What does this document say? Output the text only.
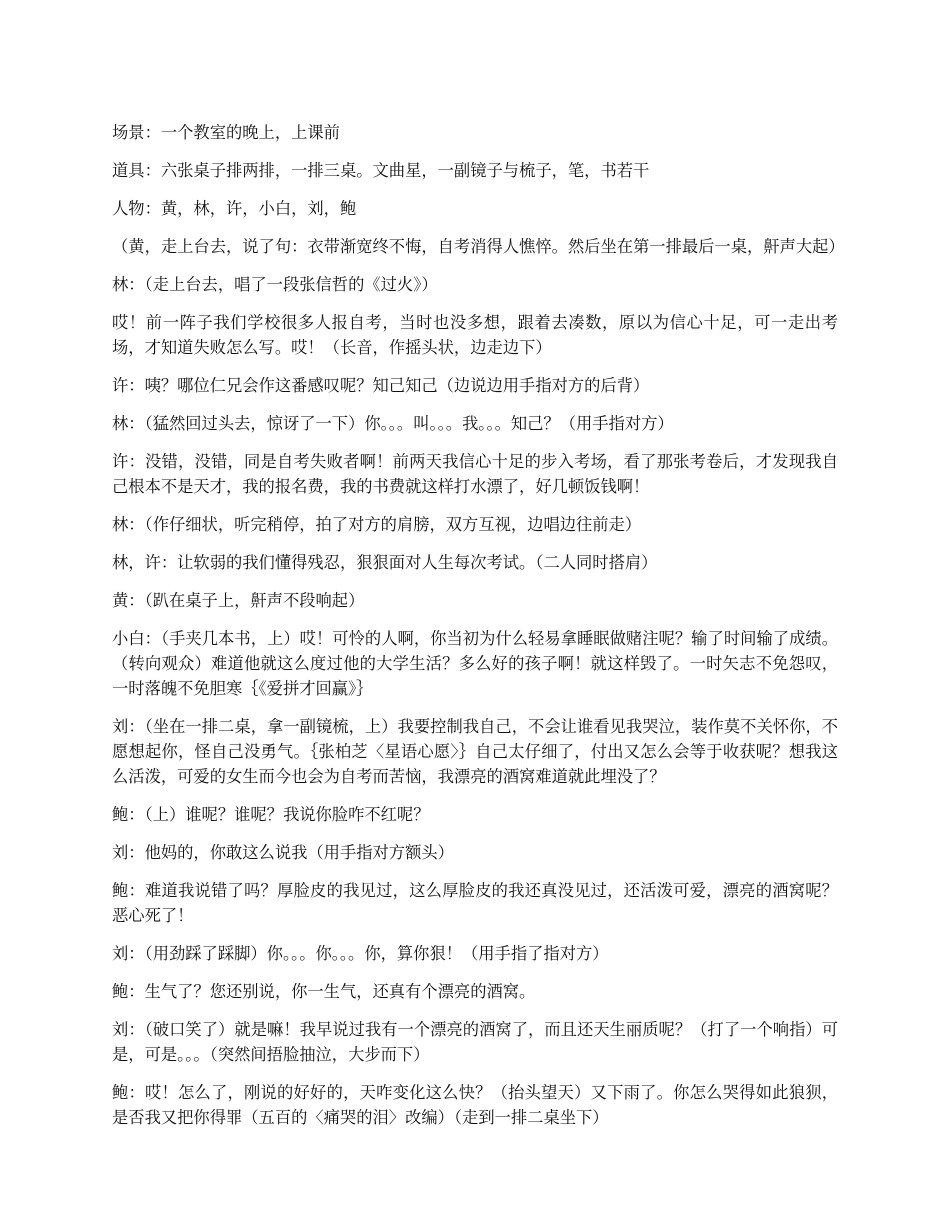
场景：一个教室的晚上，上课前

道具：六张桌子排两排，一排三桌。文曲星，一副镜子与梳子，笔，书若干

人物：黄，林，许，小白，刘，鲍

（黄，走上台去，说了句：衣带渐宽终不悔，自考消得人憔悴。然后坐在第一排最后一桌，鼾声大起）

林：（走上台去，唱了一段张信哲的《过火》）

哎！前一阵子我们学校很多人报自考，当时也没多想，跟着去凑数，原以为信心十足，可一走出考场，才知道失败怎么写。哎！（长音，作摇头状，边走边下）

许：咦？哪位仁兄会作这番感叹呢？知己知己（边说边用手指对方的后背）

林：（猛然回过头去，惊讶了一下）你。。。叫。。。我。。。知己？（用手指对方）

许：没错，没错，同是自考失败者啊！前两天我信心十足的步入考场，看了那张考卷后，才发现我自己根本不是天才，我的报名费，我的书费就这样打水漂了，好几顿饭钱啊！

林：（作仔细状，听完稍停，拍了对方的肩膀，双方互视，边唱边往前走）

林，许：让软弱的我们懂得残忍，狠狠面对人生每次考试。（二人同时搭肩）

黄：（趴在桌子上，鼾声不段响起）

小白：（手夹几本书，上）哎！可怜的人啊，你当初为什么轻易拿睡眠做赌注呢？输了时间输了成绩。（转向观众）难道他就这么度过他的大学生活？多么好的孩子啊！就这样毁了。一时矢志不免怨叹，一时落魄不免胆寒｛《爱拼才回赢》｝

刘：（坐在一排二桌，拿一副镜梳，上）我要控制我自己，不会让谁看见我哭泣，装作莫不关怀你，不愿想起你，怪自己没勇气。｛张柏芝〈星语心愿〉｝自己太仔细了，付出又怎么会等于收获呢？想我这么活泼，可爱的女生而今也会为自考而苦恼，我漂亮的酒窝难道就此埋没了？

鲍：（上）谁呢？谁呢？我说你脸咋不红呢？

刘：他妈的，你敢这么说我（用手指对方额头）

鲍：难道我说错了吗？厚脸皮的我见过，这么厚脸皮的我还真没见过，还活泼可爱，漂亮的酒窝呢？恶心死了！

刘：（用劲踩了踩脚）你。。。你。。。你，算你狠！（用手指了指对方）

鲍：生气了？您还别说，你一生气，还真有个漂亮的酒窝。

刘：（破口笑了）就是嘛！我早说过我有一个漂亮的酒窝了，而且还天生丽质呢？（打了一个响指）可是，可是。。。（突然间捂脸抽泣，大步而下）

鲍：哎！怎么了，刚说的好好的，天咋变化这么快？（抬头望天）又下雨了。你怎么哭得如此狼狈，是否我又把你得罪（五百的〈痛哭的泪〉改编）（走到一排二桌坐下）
